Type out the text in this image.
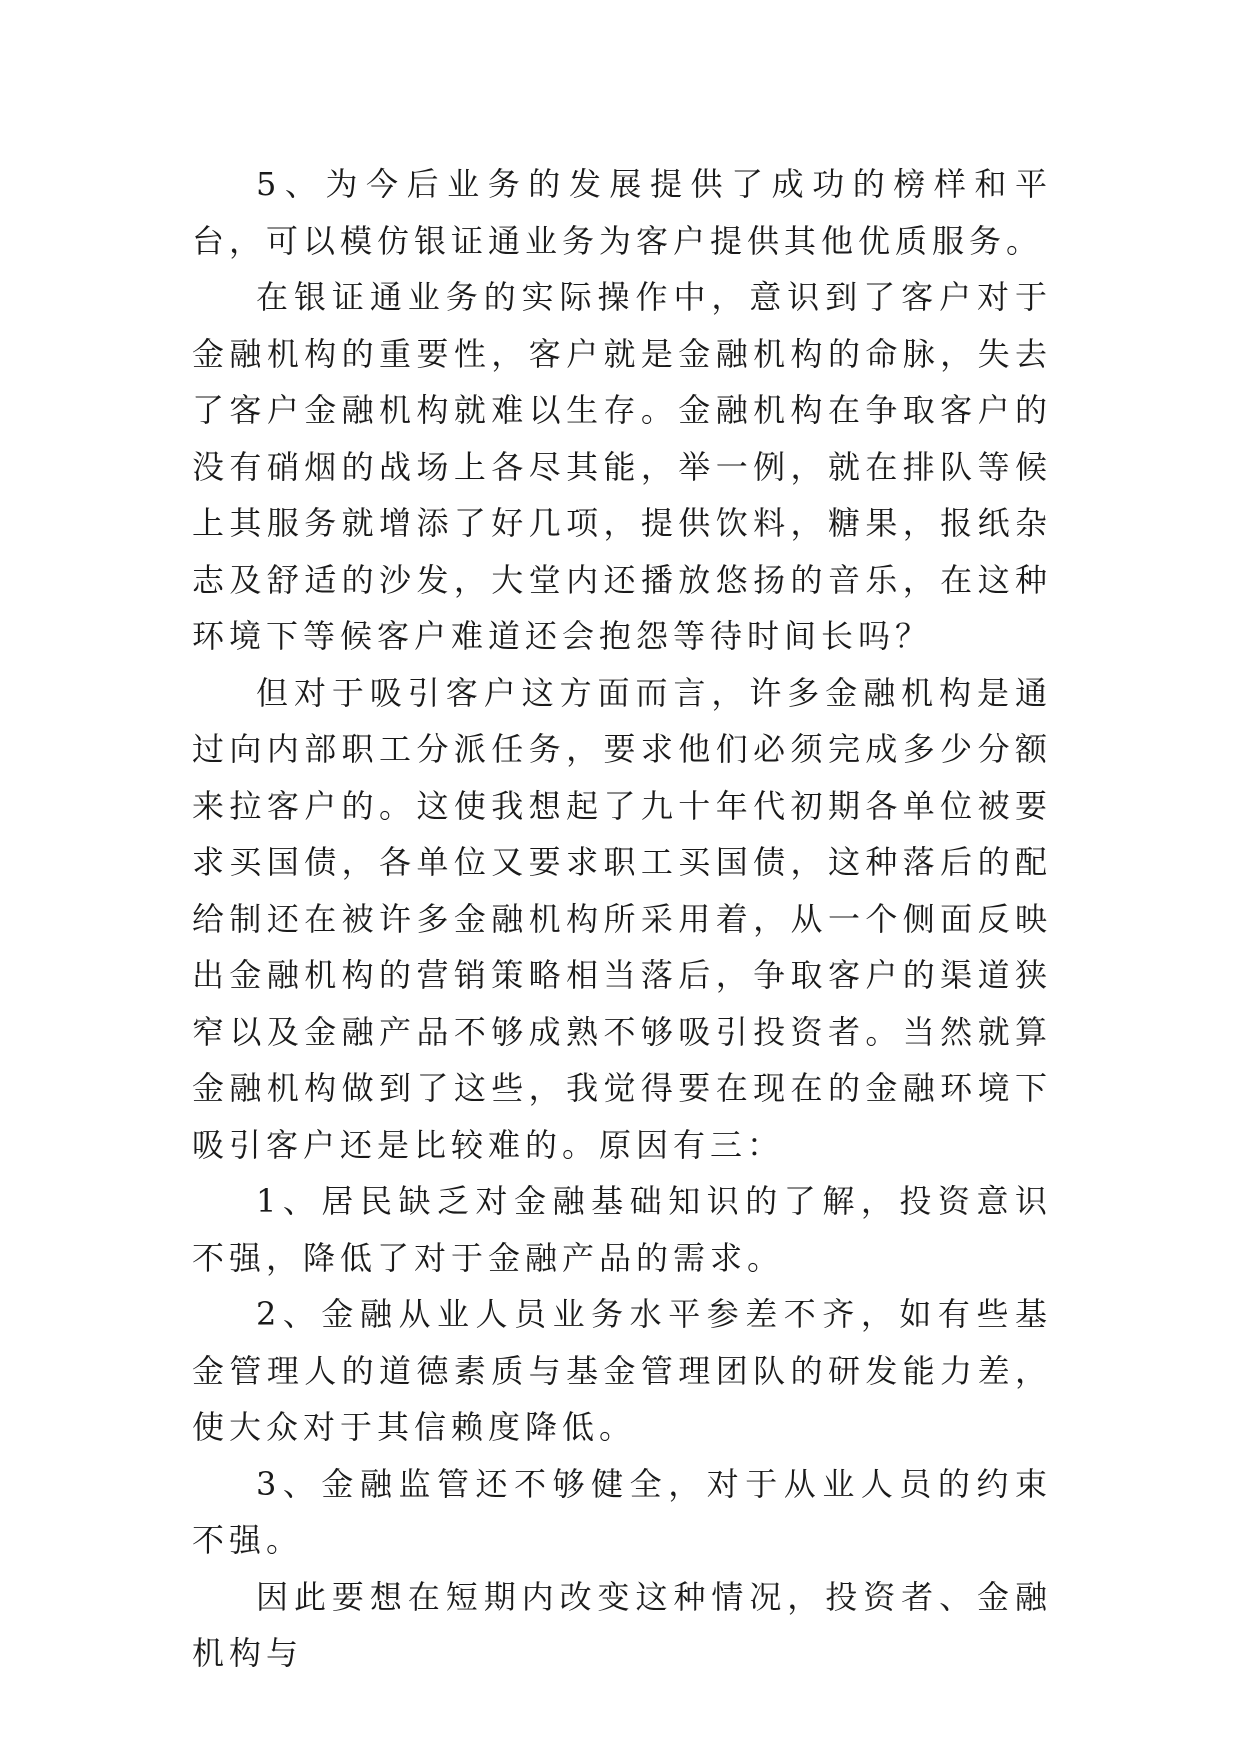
5、为今后业务的发展提供了成功的榜样和平台，可以模仿银证通业务为客户提供其他优质服务。

在银证通业务的实际操作中，意识到了客户对于金融机构的重要性，客户就是金融机构的命脉，失去了客户金融机构就难以生存。金融机构在争取客户的没有硝烟的战场上各尽其能，举一例，就在排队等候上其服务就增添了好几项，提供饮料，糖果，报纸杂志及舒适的沙发，大堂内还播放悠扬的音乐，在这种环境下等候客户难道还会抱怨等待时间长吗？

但对于吸引客户这方面而言，许多金融机构是通过向内部职工分派任务，要求他们必须完成多少分额来拉客户的。这使我想起了九十年代初期各单位被要求买国债，各单位又要求职工买国债，这种落后的配给制还在被许多金融机构所采用着，从一个侧面反映出金融机构的营销策略相当落后，争取客户的渠道狭窄以及金融产品不够成熟不够吸引投资者。当然就算金融机构做到了这些，我觉得要在现在的金融环境下吸引客户还是比较难的。原因有三：

1、居民缺乏对金融基础知识的了解，投资意识不强，降低了对于金融产品的需求。

2、金融从业人员业务水平参差不齐，如有些基金管理人的道德素质与基金管理团队的研发能力差，使大众对于其信赖度降低。

3、金融监管还不够健全，对于从业人员的约束不强。

因此要想在短期内改变这种情况，投资者、金融机构与
